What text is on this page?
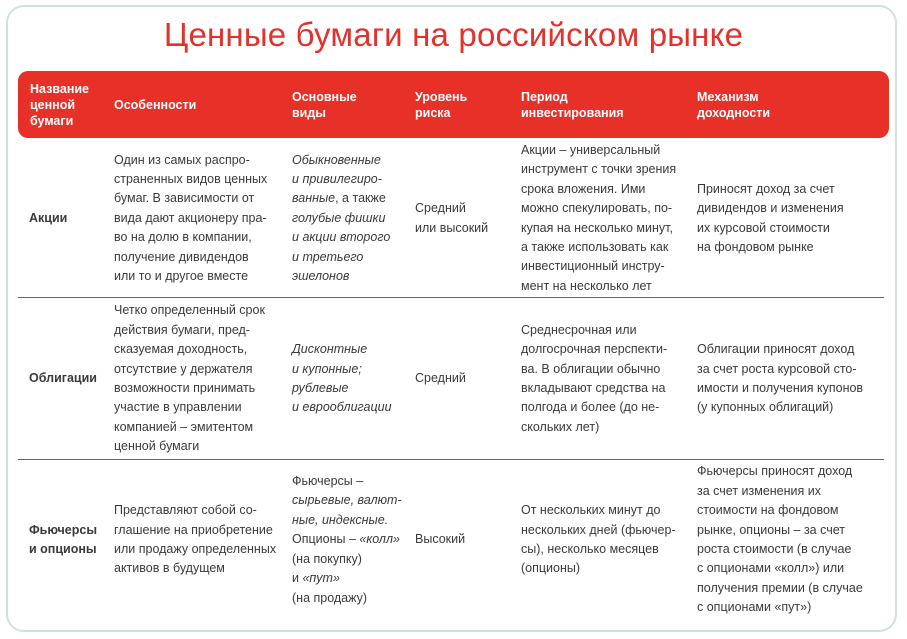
Ценные бумаги на российском рынке
Название
ценной
бумаги
Особенности
Основные
виды
Уровень
риска
Период
инвестирования
Механизм
доходности
Акции
Один из самых распро-
страненных видов ценных
бумаг. В зависимости от
вида дают акционеру пра-
во на долю в компании,
получение дивидендов
или то и другое вместе
Обыкновенные
и привилегиро-
ванные, а также
голубые фишки
и акции второго
и третьего
эшелонов
Средний
или высокий
Акции – универсальный
инструмент с точки зрения
срока вложения. Ими
можно спекулировать, по-
купая на несколько минут,
а также использовать как
инвестиционный инстру-
мент на несколько лет
Приносят доход за счет
дивидендов и изменения
их курсовой стоимости
на фондовом рынке
Облигации
Четко определенный срок
действия бумаги, пред-
сказуемая доходность,
отсутствие у держателя
возможности принимать
участие в управлении
компанией – эмитентом
ценной бумаги
Дисконтные
и купонные;
рублевые
и еврооблигации
Средний
Среднесрочная или
долгосрочная перспекти-
ва. В облигации обычно
вкладывают средства на
полгода и более (до не-
скольких лет)
Облигации приносят доход
за счет роста курсовой сто-
имости и получения купонов
(у купонных облигаций)
Фьючерсы
и опционы
Представляют собой со-
глашение на приобретение
или продажу определенных
активов в будущем
Фьючерсы –
сырьевые, валют-
ные, индексные.
Опционы – «колл»
(на покупку)
и «пут»
(на продажу)
Высокий
От нескольких минут до
нескольких дней (фьючер-
сы), несколько месяцев
(опционы)
Фьючерсы приносят доход
за счет изменения их
стоимости на фондовом
рынке, опционы – за счет
роста стоимости (в случае
с опционами «колл») или
получения премии (в случае
с опционами «пут»)
